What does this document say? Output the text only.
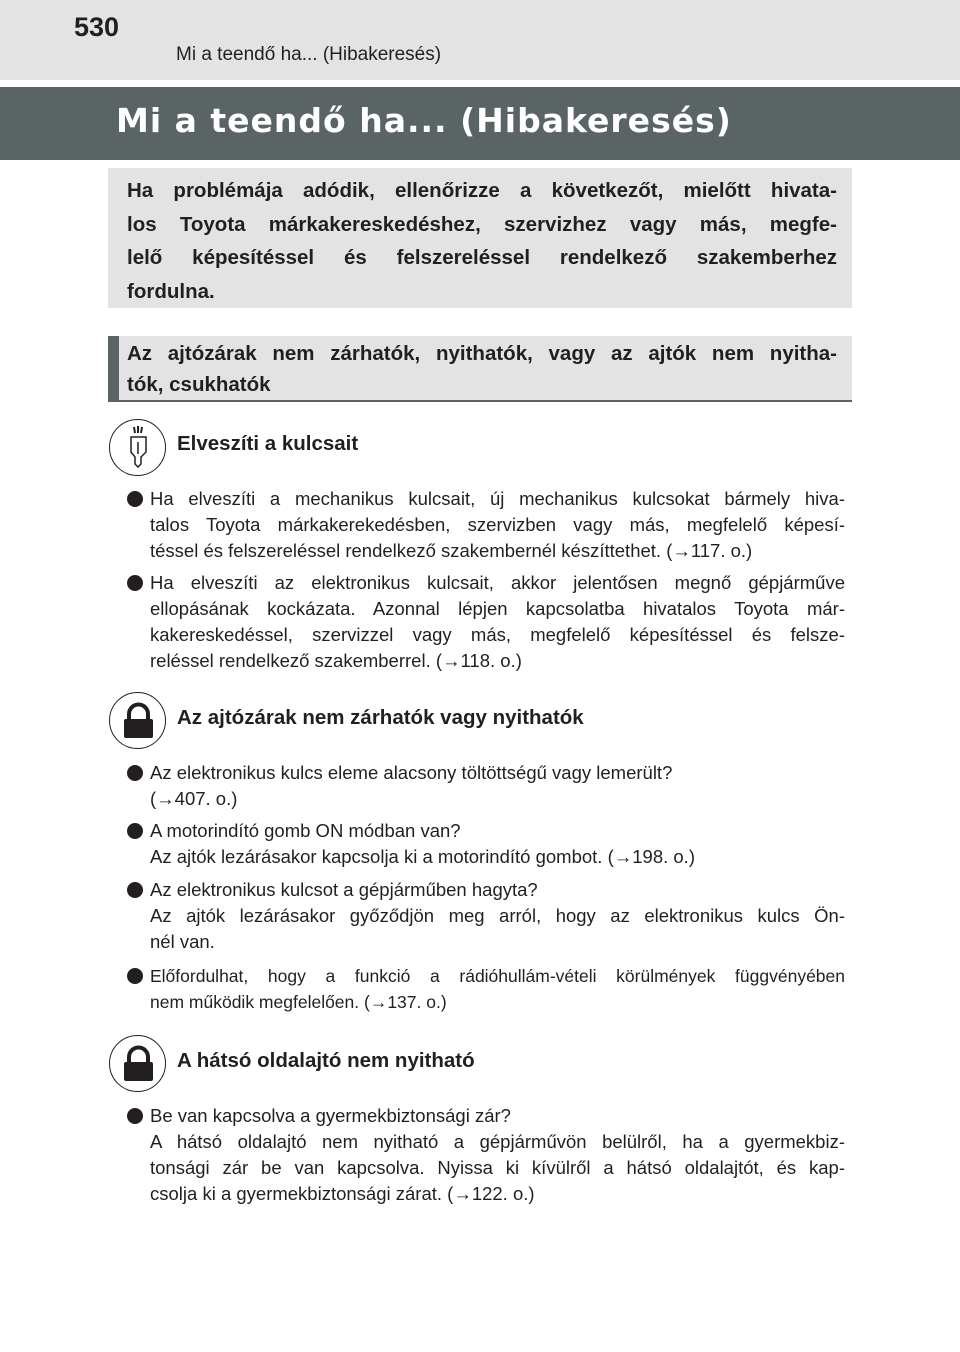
530
Mi a teendő ha... (Hibakeresés)
Mi a teendő ha... (Hibakeresés)

Ha problémája adódik, ellenőrizze a következőt, mielőtt hivata-
los Toyota márkakereskedéshez, szervizhez vagy más, megfe-
lelő képesítéssel és felszereléssel rendelkező szakemberhez
fordulna.

Az ajtózárak nem zárhatók, nyithatók, vagy az ajtók nem nyitha-
tók, csukhatók

Elveszíti a kulcsait
Ha elveszíti a mechanikus kulcsait, új mechanikus kulcsokat bármely hiva-
talos Toyota márkakerekedésben, szervizben vagy más, megfelelő képesí-
téssel és felszereléssel rendelkező szakembernél készíttethet. (→117. o.)
Ha elveszíti az elektronikus kulcsait, akkor jelentősen megnő gépjárműve
ellopásának kockázata. Azonnal lépjen kapcsolatba hivatalos Toyota már-
kakereskedéssel, szervizzel vagy más, megfelelő képesítéssel és felsze-
reléssel rendelkező szakemberrel. (→118. o.)
Az ajtózárak nem zárhatók vagy nyithatók
Az elektronikus kulcs eleme alacsony töltöttségű vagy lemerült?
(→407. o.)
A motorindító gomb ON módban van?
Az ajtók lezárásakor kapcsolja ki a motorindító gombot. (→198. o.)
Az elektronikus kulcsot a gépjárműben hagyta?
Az ajtók lezárásakor győződjön meg arról, hogy az elektronikus kulcs Ön-
nél van.
Előfordulhat, hogy a funkció a rádióhullám-vételi körülmények függvényében
nem működik megfelelően. (→137. o.)
A hátsó oldalajtó nem nyitható
Be van kapcsolva a gyermekbiztonsági zár?
A hátsó oldalajtó nem nyitható a gépjárművön belülről, ha a gyermekbiz-
tonsági zár be van kapcsolva. Nyissa ki kívülről a hátsó oldalajtót, és kap-
csolja ki a gyermekbiztonsági zárat. (→122. o.)
